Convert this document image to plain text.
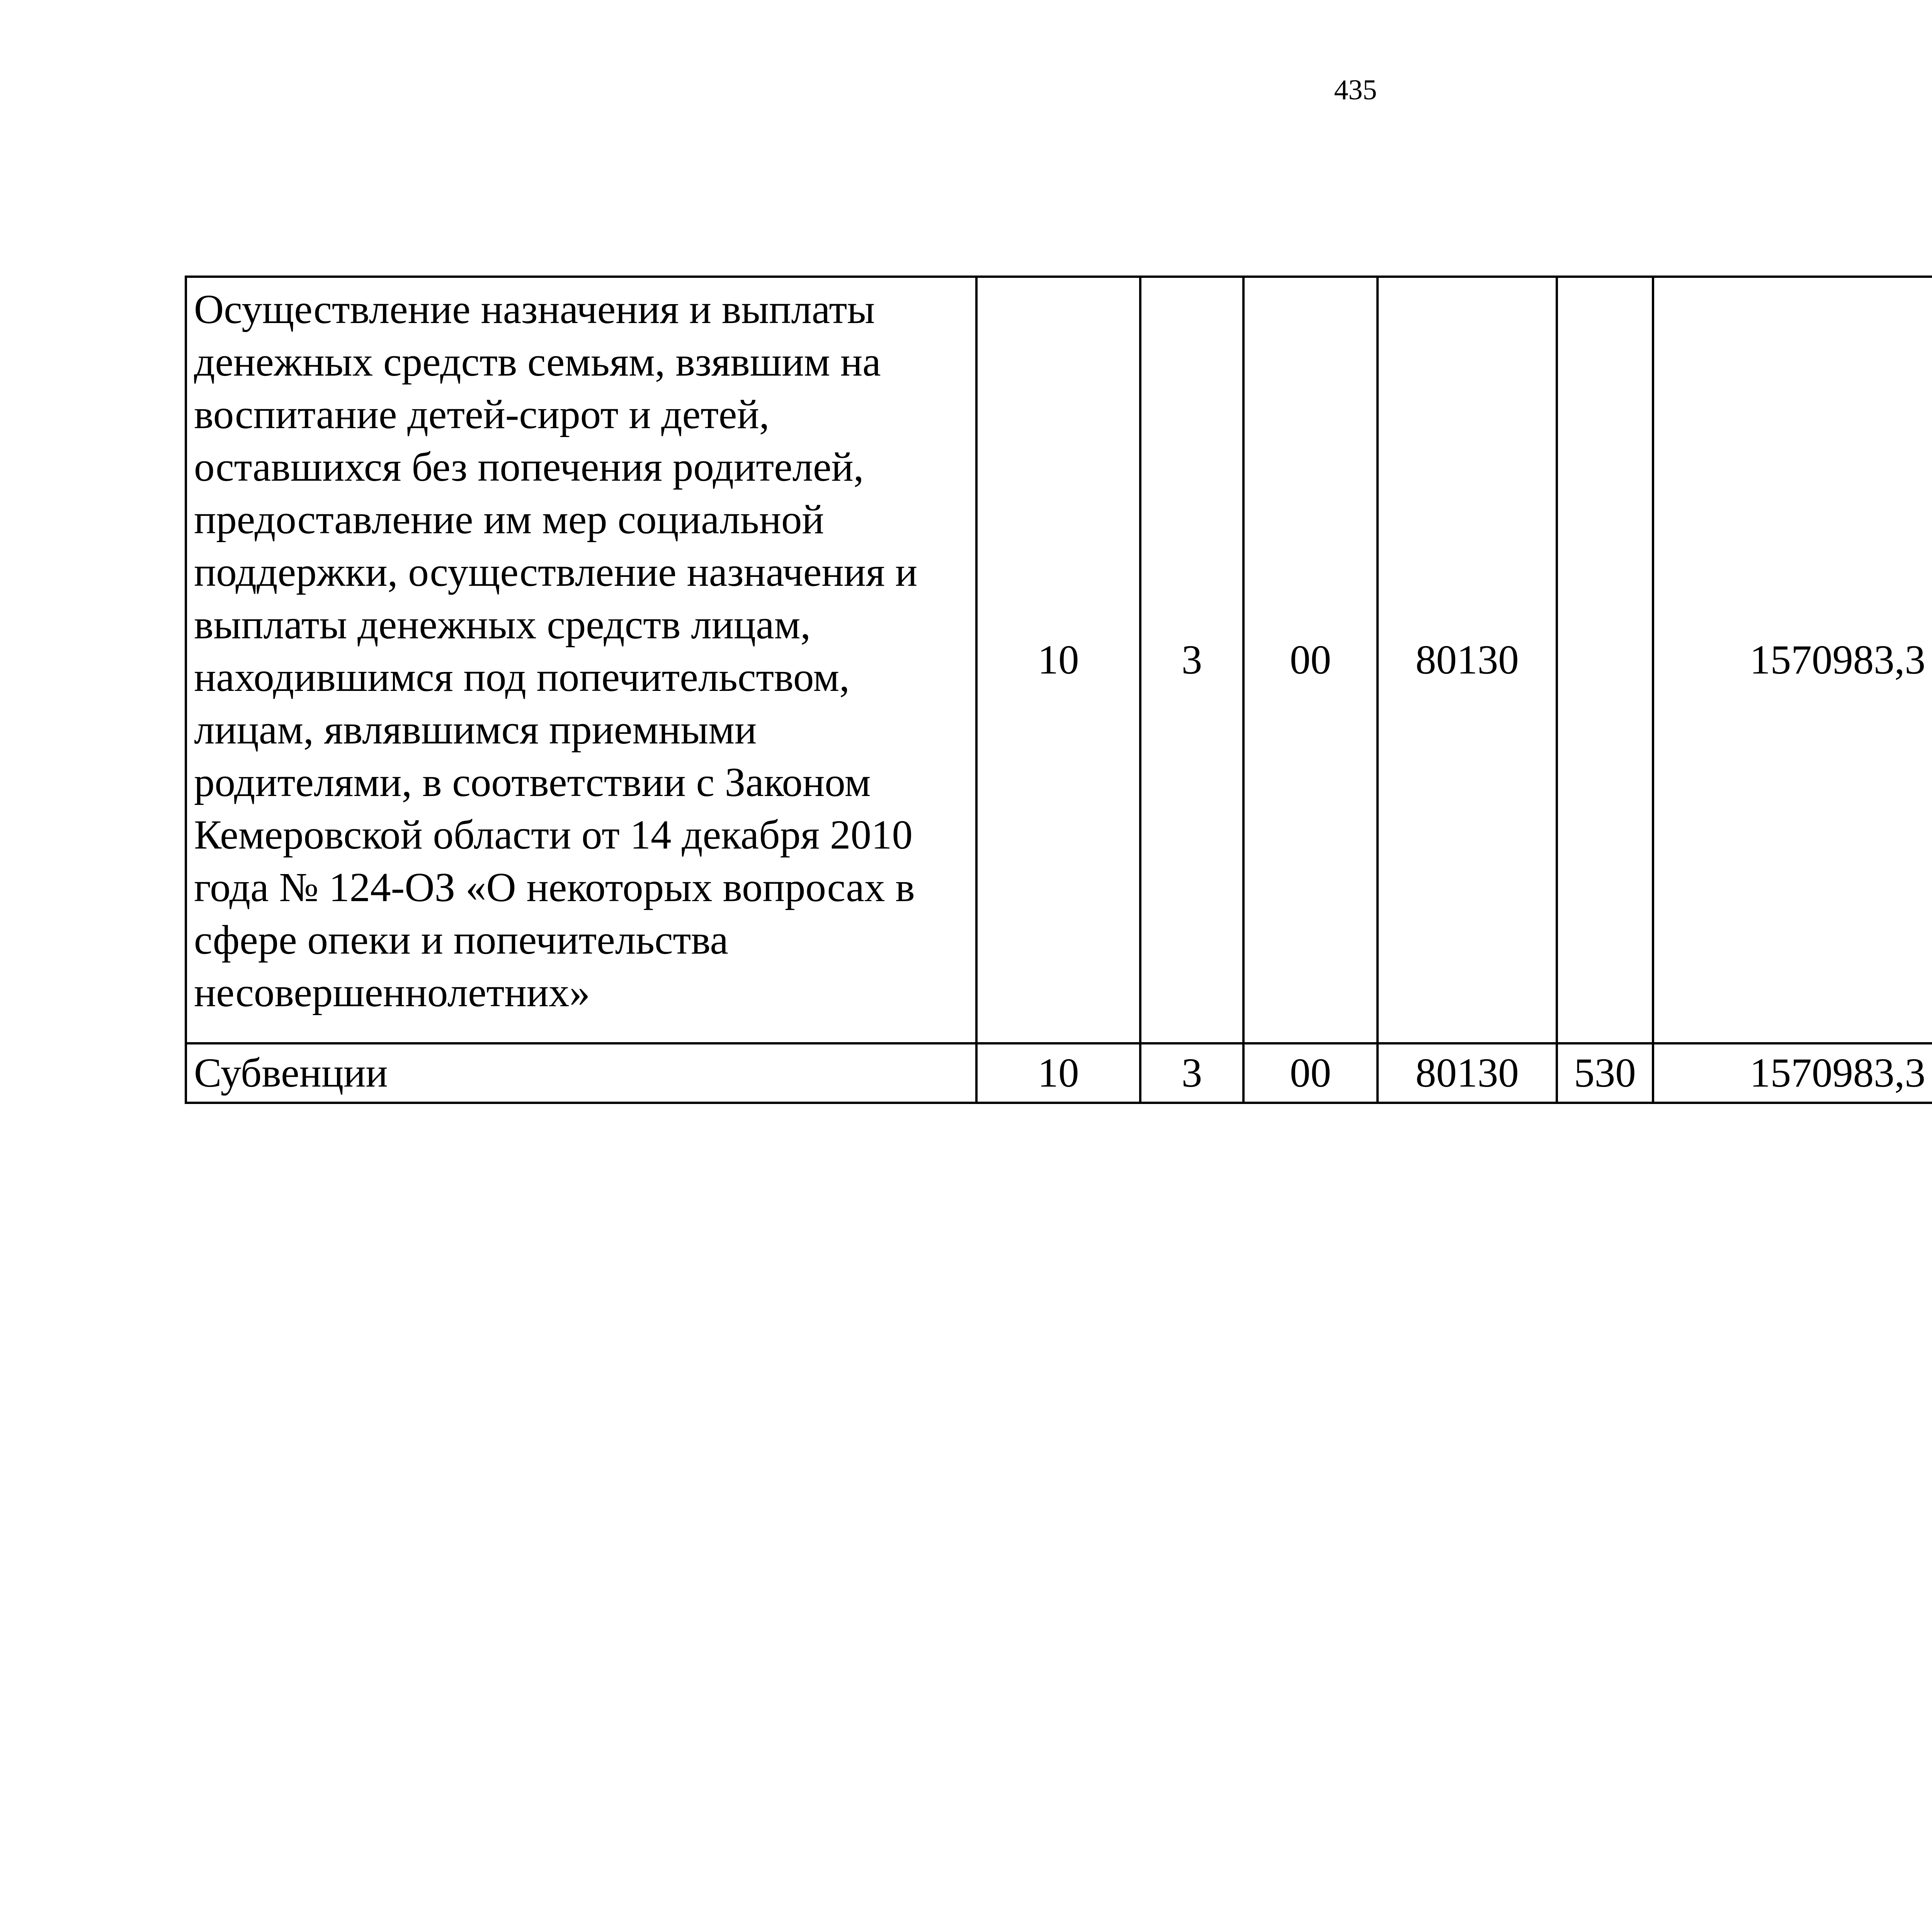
435
Осуществление назначения и выплаты денежных средств семьям, взявшим на воспитание детей-сирот и детей, оставшихся без попечения родителей, предоставление им мер социальной поддержки, осуществление назначения и выплаты денежных средств лицам, находившимся под попечительством, лицам, являвшимся приемными родителями, в соответствии с Законом Кемеровской области от 14 декабря 2010 года № 124-ОЗ «О некоторых вопросах в сфере опеки и попечительства несовершеннолетних»	10	3	00	80130		1570983,3		
Субвенции	10	3	00	80130	530	1570983,3		
